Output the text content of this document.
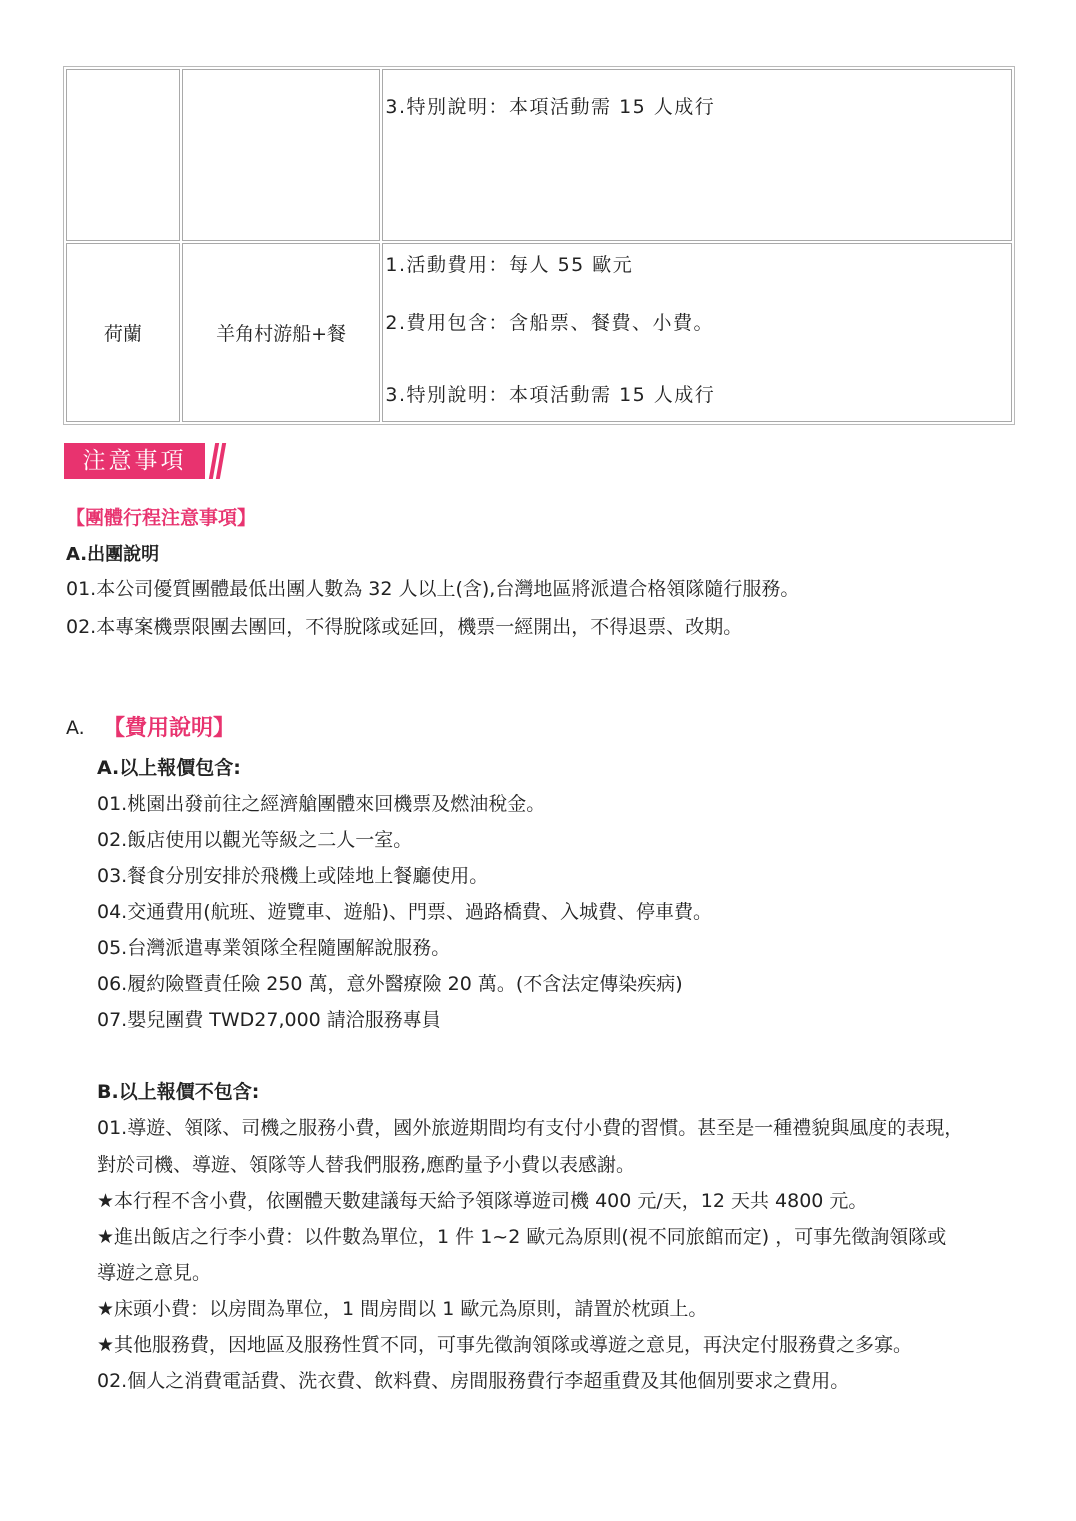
		3.特別說明：本項活動需 15 人成行

荷蘭	羊角村游船+餐	1.活動費用：每人 55 歐元
2.費用包含：含船票、餐費、小費。
3.特別說明：本項活動需 15 人成行
注意事項
【團體行程注意事項】
A.出團說明
01.本公司優質團體最低出團人數為 32 人以上(含),台灣地區將派遣合格領隊隨行服務。
02.本專案機票限團去團回，不得脫隊或延回，機票一經開出，不得退票、改期。
A. 【費用說明】
A.以上報價包含:
01.桃園出發前往之經濟艙團體來回機票及燃油稅金。
02.飯店使用以觀光等級之二人一室。
03.餐食分別安排於飛機上或陸地上餐廳使用。
04.交通費用(航班、遊覽車、遊船)、門票、過路橋費、入城費、停車費。
05.台灣派遣專業領隊全程隨團解說服務。
06.履約險暨責任險 250 萬，意外醫療險 20 萬。(不含法定傳染疾病)
07.嬰兒團費 TWD27,000 請洽服務專員
B.以上報價不包含:
01.導遊、領隊、司機之服務小費，國外旅遊期間均有支付小費的習慣。甚至是一種禮貌與風度的表現，
對於司機、導遊、領隊等人替我們服務,應酌量予小費以表感謝。
★本行程不含小費，依團體天數建議每天給予領隊導遊司機 400 元/天，12 天共 4800 元。
★進出飯店之行李小費：以件數為單位，1 件 1~2 歐元為原則(視不同旅館而定) ，可事先徵詢領隊或
導遊之意見。
★床頭小費：以房間為單位，1 間房間以 1 歐元為原則，請置於枕頭上。
★其他服務費，因地區及服務性質不同，可事先徵詢領隊或導遊之意見，再決定付服務費之多寡。
02.個人之消費電話費、洗衣費、飲料費、房間服務費行李超重費及其他個別要求之費用。
